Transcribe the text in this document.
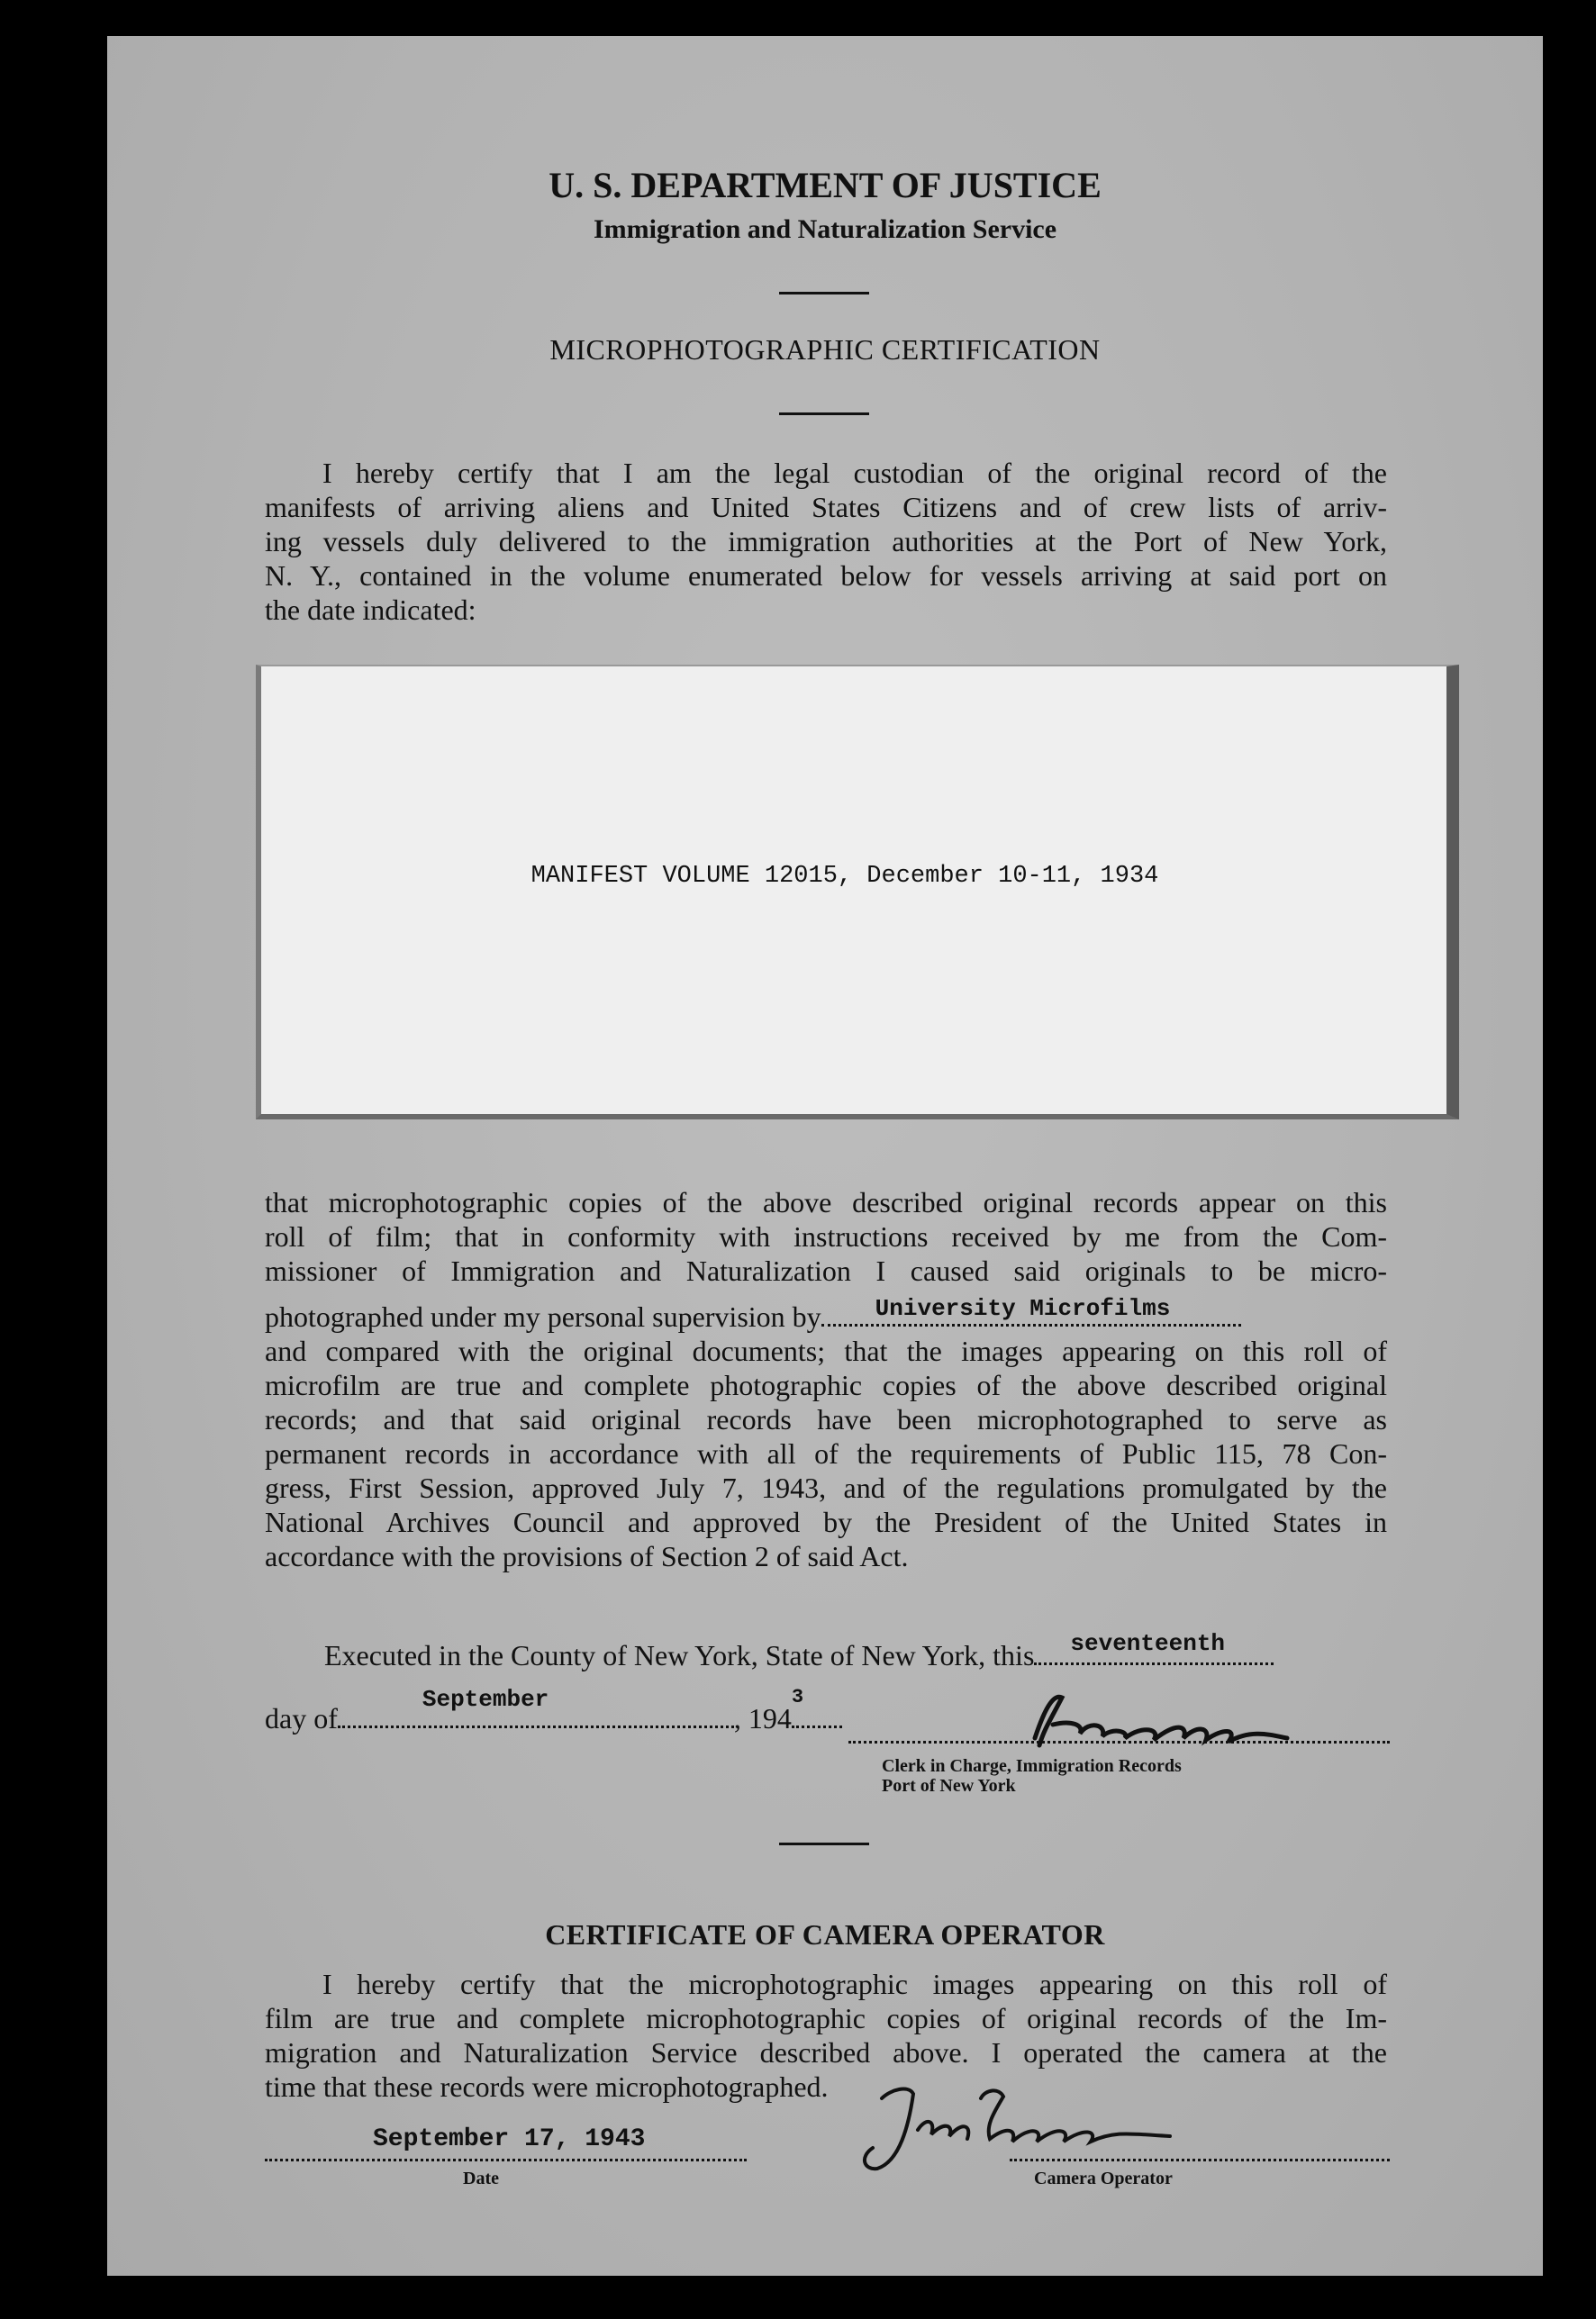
U. S. DEPARTMENT OF JUSTICE
Immigration and Naturalization Service
MICROPHOTOGRAPHIC CERTIFICATION
I hereby certify that I am the legal custodian of the original record of the
manifests of arriving aliens and United States Citizens and of crew lists of arriv-
ing vessels duly delivered to the immigration authorities at the Port of New York,
N. Y., contained in the volume enumerated below for vessels arriving at said port on
the date indicated:
MANIFEST VOLUME 12015, December 10-11, 1934
that microphotographic copies of the above described original records appear on this
roll of film; that in conformity with instructions received by me from the Com-
missioner of Immigration and Naturalization I caused said originals to be micro-
photographed under my personal supervision by University Microfilms
and compared with the original documents; that the images appearing on this roll of
microfilm are true and complete photographic copies of the above described original
records; and that said original records have been microphotographed to serve as
permanent records in accordance with all of the requirements of Public 115, 78 Con-
gress, First Session, approved July 7, 1943, and of the regulations promulgated by the
National Archives Council and approved by the President of the United States in
accordance with the provisions of Section 2 of said Act.
Executed in the County of New York, State of New York, this seventeenth
day of
September
, 194
3
Clerk in Charge, Immigration Records
Port of New York
CERTIFICATE OF CAMERA OPERATOR
I hereby certify that the microphotographic images appearing on this roll of
film are true and complete microphotographic copies of original records of the Im-
migration and Naturalization Service described above. I operated the camera at the
time that these records were microphotographed.
September 17, 1943
Date	Camera Operator
